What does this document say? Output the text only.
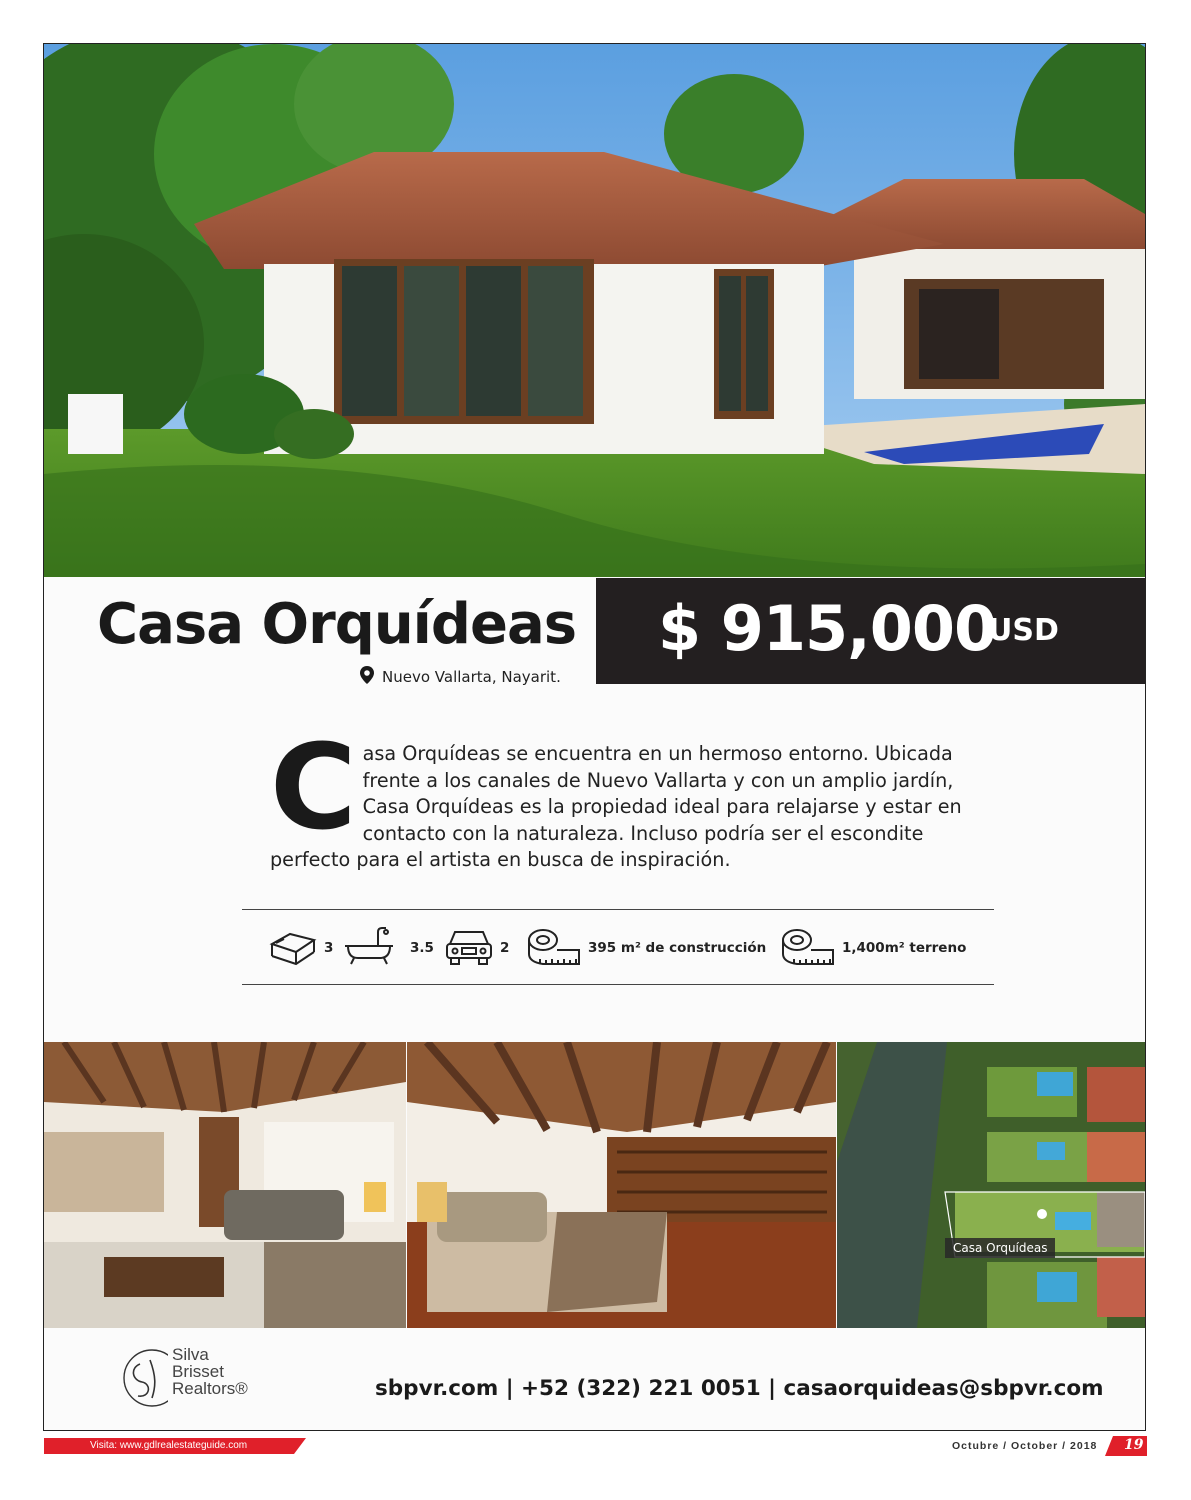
Casa Orquídeas
Nuevo Vallarta, Nayarit.
$ 915,000
USD
C asa Orquídeas se encuentra en un hermoso entorno. Ubicada frente a los canales de Nuevo Vallarta y con un amplio jardín, Casa Orquídeas es la propiedad ideal para relajarse y estar en contacto con la naturaleza. Incluso podría ser el escondite perfecto para el artista en busca de inspiración.
3	3.5	2	395 m² de construcción	1,400m² terreno
Casa Orquídeas
Silva
Brisset
Realtors®	sbpvr.com | +52 (322) 221 0051 | casaorquideas@sbpvr.com
Visita: www.gdlrealestateguide.com	Octubre / October / 2018 19
